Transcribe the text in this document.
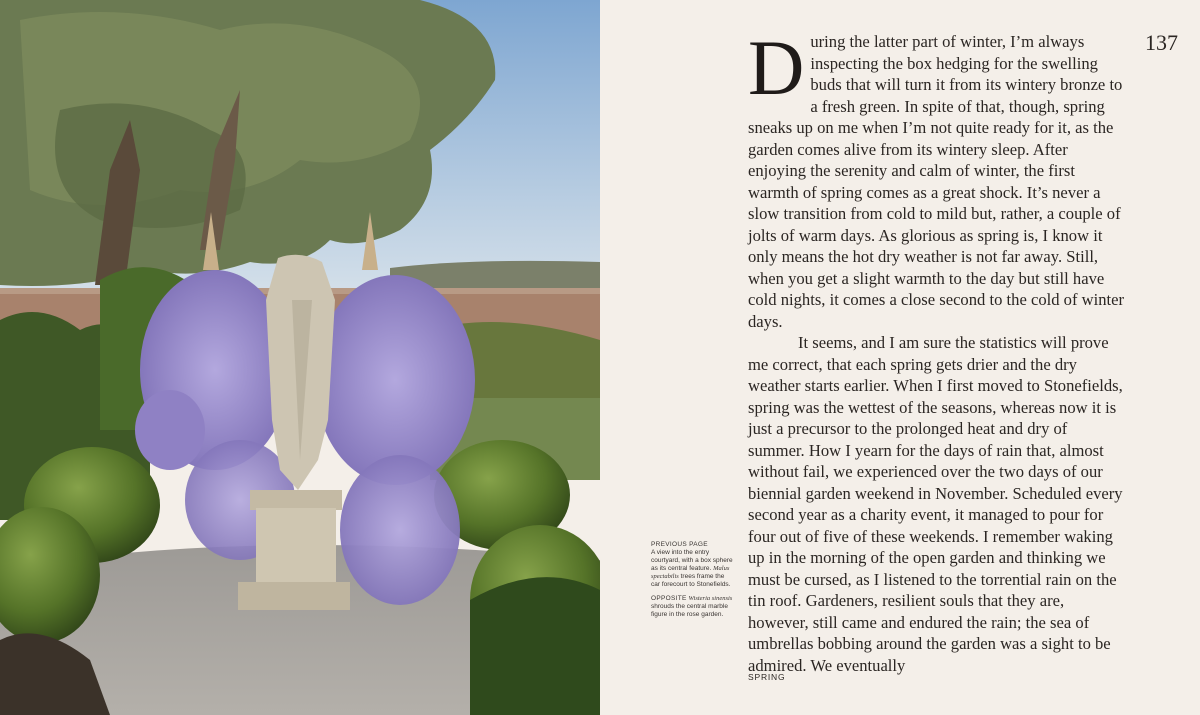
137

During the latter part of winter, I’m always inspecting the box hedging for the swelling buds that will turn it from its wintery bronze to a fresh green. In spite of that, though, spring sneaks up on me when I’m not quite ready for it, as the garden comes alive from its wintery sleep. After enjoying the serenity and calm of winter, the first warmth of spring comes as a great shock. It’s never a slow transition from cold to mild but, rather, a couple of jolts of warm days. As glorious as spring is, I know it only means the hot dry weather is not far away. Still, when you get a slight warmth to the day but still have cold nights, it comes a close second to the cold of winter days.

It seems, and I am sure the statistics will prove me correct, that each spring gets drier and the dry weather starts earlier. When I first moved to Stonefields, spring was the wettest of the seasons, whereas now it is just a precursor to the prolonged heat and dry of summer. How I yearn for the days of rain that, almost without fail, we experienced over the two days of our biennial garden weekend in November. Scheduled every second year as a charity event, it managed to pour for four out of five of these weekends. I remember waking up in the morning of the open garden and thinking we must be cursed, as I listened to the torrential rain on the tin roof. Gardeners, resilient souls that they are, however, still came and endured the rain; the sea of umbrellas bobbing around the garden was a sight to be admired. We eventually

PREVIOUS PAGE
A view into the entry courtyard, with a box sphere as its central feature. Malus spectabilis trees frame the car forecourt to Stonefields.

OPPOSITE Wisteria sinensis shrouds the central marble figure in the rose garden.

SPRING
